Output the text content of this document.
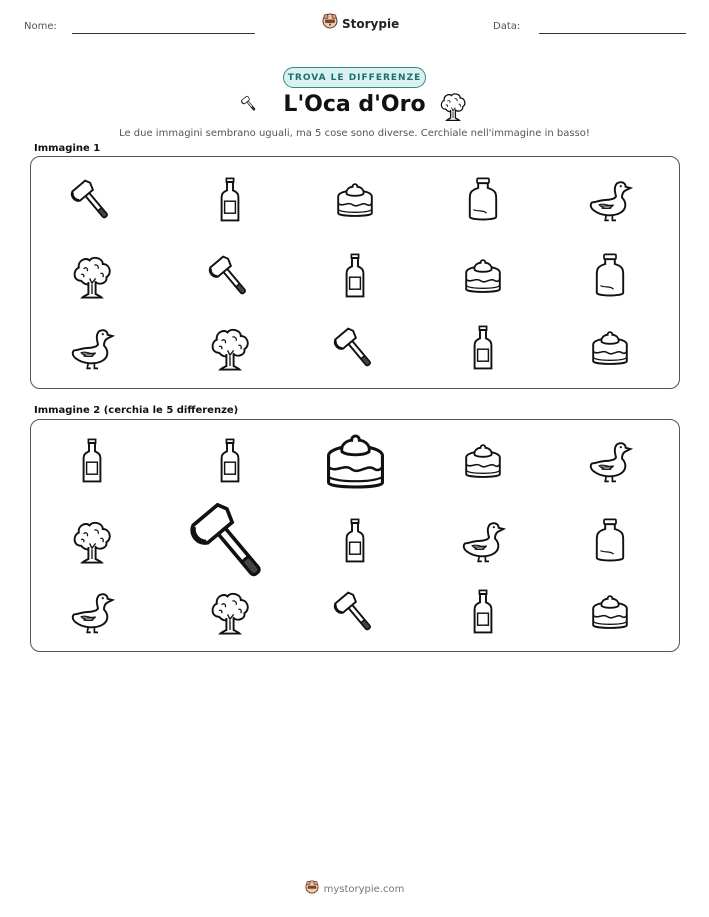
Nome:	Storypie	Data:
TROVA LE DIFFERENZE
L'Oca d'Oro
Le due immagini sembrano uguali, ma 5 cose sono diverse. Cerchiale nell'immagine in basso!
Immagine 1
Immagine 2 (cerchia le 5 differenze)
mystorypie.com
